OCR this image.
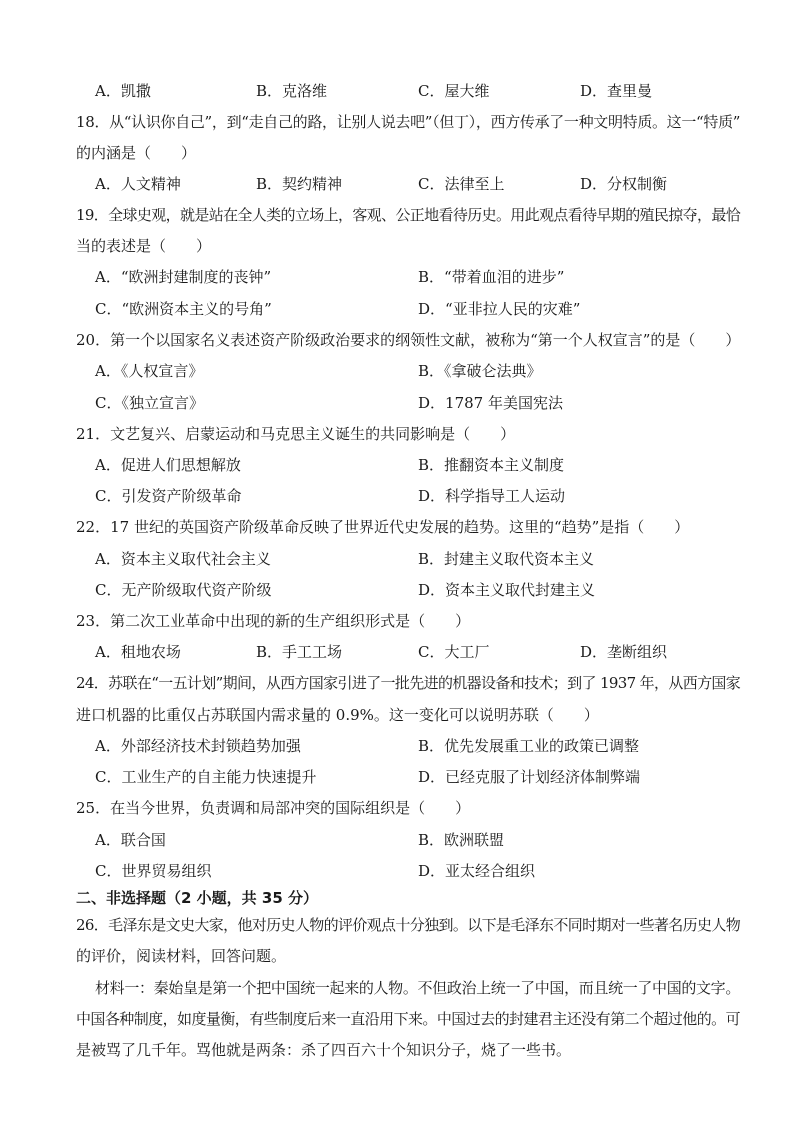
A．凯撒	B．克洛维	C．屋大维	D．查里曼
18．从“认识你自己”，到“走自己的路，让别人说去吧”（但丁），西方传承了一种文明特质。这一“特质”
的内涵是（　　）
A．人文精神	B．契约精神	C．法律至上	D．分权制衡
19．全球史观，就是站在全人类的立场上，客观、公正地看待历史。用此观点看待早期的殖民掠夺，最恰
当的表述是（　　）
A．“欧洲封建制度的丧钟”	B．“带着血泪的进步”
C．“欧洲资本主义的号角”	D．“亚非拉人民的灾难”
20．第一个以国家名义表述资产阶级政治要求的纲领性文献，被称为“第一个人权宣言”的是（　　）
A．《人权宣言》	B．《拿破仑法典》
C．《独立宣言》	D．1787 年美国宪法
21．文艺复兴、启蒙运动和马克思主义诞生的共同影响是（　　）
A．促进人们思想解放	B．推翻资本主义制度
C．引发资产阶级革命	D．科学指导工人运动
22．17 世纪的英国资产阶级革命反映了世界近代史发展的趋势。这里的“趋势”是指（　　）
A．资本主义取代社会主义	B．封建主义取代资本主义
C．无产阶级取代资产阶级	D．资本主义取代封建主义
23．第二次工业革命中出现的新的生产组织形式是（　　）
A．租地农场	B．手工工场	C．大工厂	D．垄断组织
24．苏联在“一五计划”期间，从西方国家引进了一批先进的机器设备和技术；到了 1937 年，从西方国家
进口机器的比重仅占苏联国内需求量的 0.9%。这一变化可以说明苏联（　　）
A．外部经济技术封锁趋势加强	B．优先发展重工业的政策已调整
C．工业生产的自主能力快速提升	D．已经克服了计划经济体制弊端
25．在当今世界，负责调和局部冲突的国际组织是（　　）
A．联合国	B．欧洲联盟
C．世界贸易组织	D．亚太经合组织
二、非选择题（2 小题，共 35 分）
26．毛泽东是文史大家，他对历史人物的评价观点十分独到。以下是毛泽东不同时期对一些著名历史人物
的评价，阅读材料，回答问题。
材料一：秦始皇是第一个把中国统一起来的人物。不但政治上统一了中国，而且统一了中国的文字。
中国各种制度，如度量衡，有些制度后来一直沿用下来。中国过去的封建君主还没有第二个超过他的。可
是被骂了几千年。骂他就是两条：杀了四百六十个知识分子，烧了一些书。
